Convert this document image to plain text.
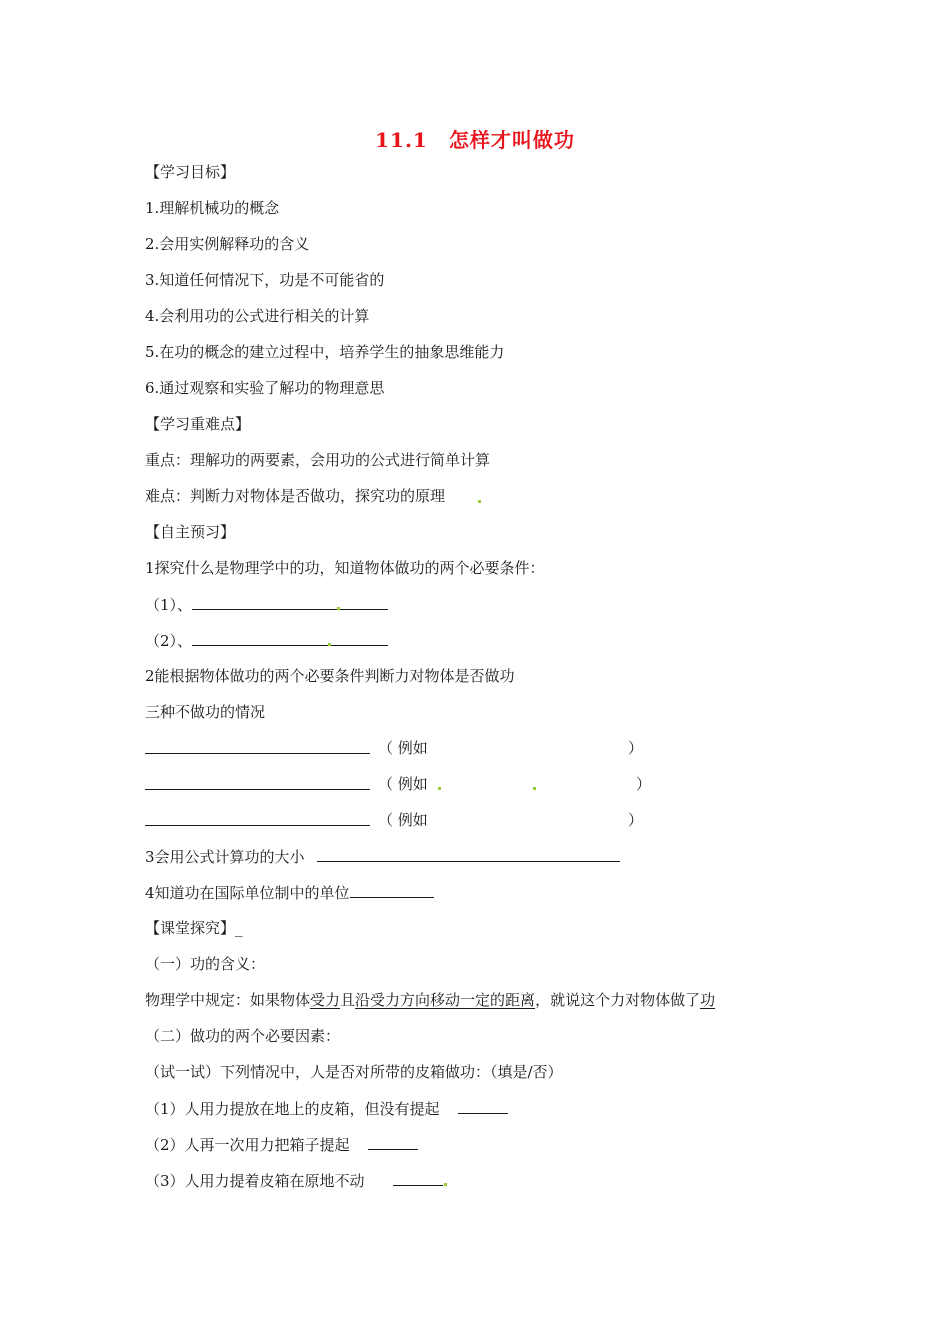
11.1　怎样才叫做功
【学习目标】
1.理解机械功的概念
2.会用实例解释功的含义
3.知道任何情况下，功是不可能省的
4.会利用功的公式进行相关的计算
5.在功的概念的建立过程中，培养学生的抽象思维能力
6.通过观察和实验了解功的物理意思
【学习重难点】
重点：理解功的两要素，会用功的公式进行简单计算
难点：判断力对物体是否做功，探究功的原理
【自主预习】
1探究什么是物理学中的功，知道物体做功的两个必要条件：
（1）、
（2）、
2能根据物体做功的两个必要条件判断力对物体是否做功
三种不做功的情况
（ 例如	）
（ 例如	）
（ 例如	）
3会用公式计算功的大小
4知道功在国际单位制中的单位
【课堂探究】_
（一）功的含义：
物理学中规定：如果物体受力且沿受力方向移动一定的距离，就说这个力对物体做了功
（二）做功的两个必要因素：
（试一试）下列情况中，人是否对所带的皮箱做功：（填是/否）
（1）人用力提放在地上的皮箱，但没有提起
（2）人再一次用力把箱子提起
（3）人用力提着皮箱在原地不动
